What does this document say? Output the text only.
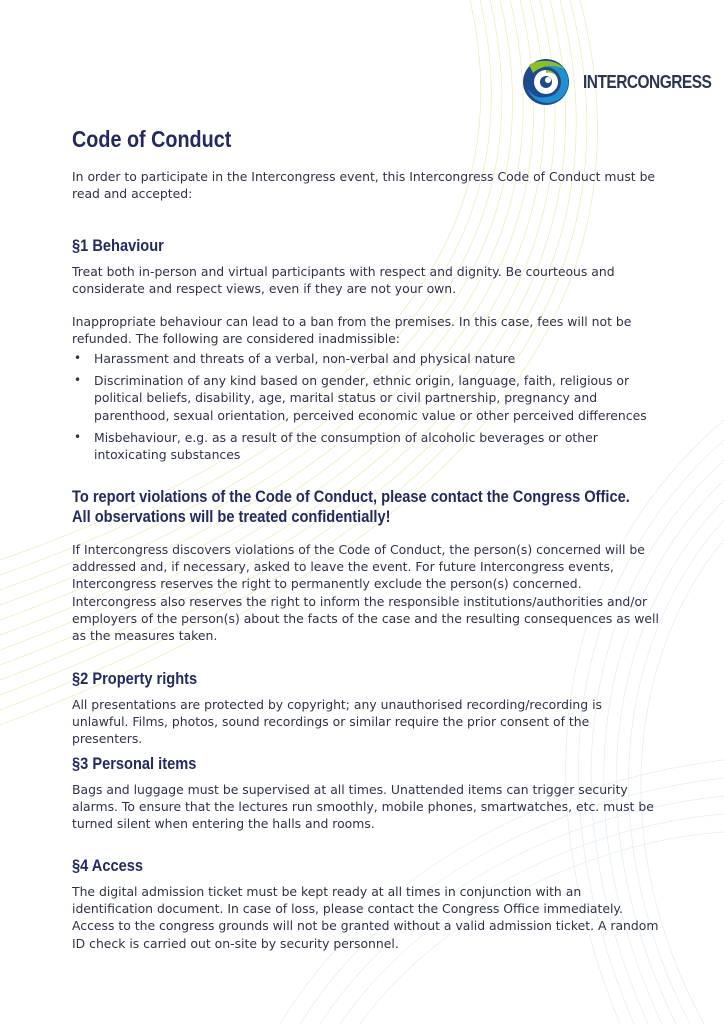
INTERCONGRESS
Code of Conduct

In order to participate in the Intercongress event, this Intercongress Code of Conduct must be read and accepted:

§1 Behaviour

Treat both in-person and virtual participants with respect and dignity. Be courteous and considerate and respect views, even if they are not your own.

Inappropriate behaviour can lead to a ban from the premises. In this case, fees will not be refunded. The following are considered inadmissible:

• Harassment and threats of a verbal, non-verbal and physical nature
• Discrimination of any kind based on gender, ethnic origin, language, faith, religious or political beliefs, disability, age, marital status or civil partnership, pregnancy and parenthood, sexual orientation, perceived economic value or other perceived differences
• Misbehaviour, e.g. as a result of the consumption of alcoholic beverages or other intoxicating substances
To report violations of the Code of Conduct, please contact the Congress Office.
All observations will be treated confidentially!

If Intercongress discovers violations of the Code of Conduct, the person(s) concerned will be addressed and, if necessary, asked to leave the event. For future Intercongress events, Intercongress reserves the right to permanently exclude the person(s) concerned. Intercongress also reserves the right to inform the responsible institutions/authorities and/or employers of the person(s) about the facts of the case and the resulting consequences as well as the measures taken.

§2 Property rights

All presentations are protected by copyright; any unauthorised recording/recording is unlawful. Films, photos, sound recordings or similar require the prior consent of the presenters.

§3 Personal items

Bags and luggage must be supervised at all times. Unattended items can trigger security alarms. To ensure that the lectures run smoothly, mobile phones, smartwatches, etc. must be turned silent when entering the halls and rooms.

§4 Access

The digital admission ticket must be kept ready at all times in conjunction with an identification document. In case of loss, please contact the Congress Office immediately. Access to the congress grounds will not be granted without a valid admission ticket. A random ID check is carried out on-site by security personnel.
